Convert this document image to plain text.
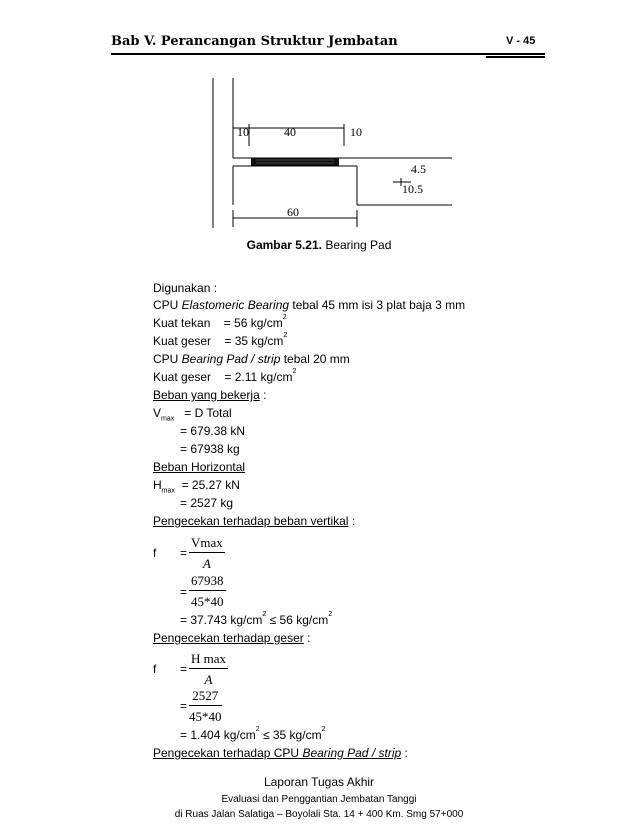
Bab V. Perancangan Struktur Jembatan	V - 45
10	40	10
4.5
10.5
60
Gambar 5.21. Bearing Pad
Digunakan :
CPU Elastomeric Bearing tebal 45 mm isi 3 plat baja 3 mm
Kuat tekan    = 56 $kg/cm^2$
Kuat geser    = 35 $kg/cm^2$
CPU Bearing Pad / strip tebal 20 mm
Kuat geser    = 2.11 $kg/cm^2$
Beban yang bekerja :
$V_{max} = D$ Total
= 679.38 kN
= 67938 kg
Beban Horizontal
$H_{max} = 25.27$ kN
= 2527 kg
Pengecekan terhadap beban vertikal :
f =
Vmax
A
= $\frac{67938}{45*40}$
= 37.743 $kg/cm^2 \le 56$ $kg/cm^2$
Pengecekan terhadap geser :
f =
H max
A
= $\frac{2527}{45*40}$
= 1.404 $kg/cm^2 \le 35$ $kg/cm^2$
Pengecekan terhadap CPU Bearing Pad / strip :
Laporan Tugas Akhir
Evaluasi dan Penggantian Jembatan Tanggi
di Ruas Jalan Salatiga – Boyolali Sta. 14 + 400 Km. Smg 57+000
